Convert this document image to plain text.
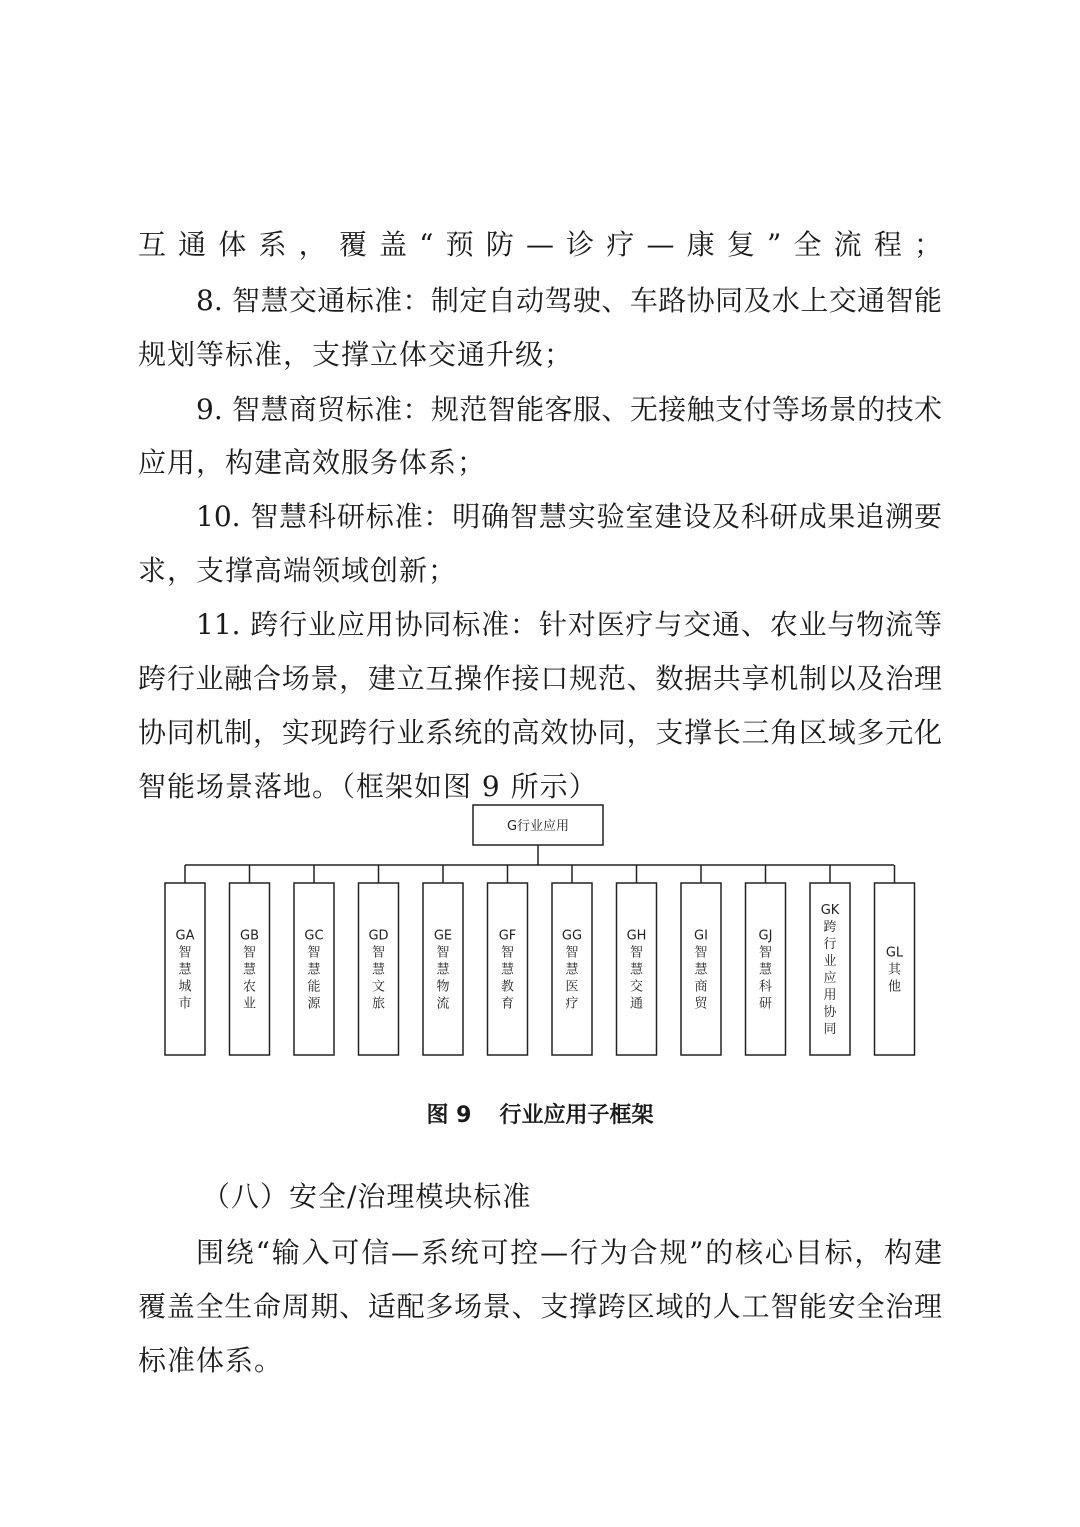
互通体系，覆盖“预防—诊疗—康复”全流程；

8. 智慧交通标准：制定自动驾驶、车路协同及水上交通智能

规划等标准，支撑立体交通升级；

9. 智慧商贸标准：规范智能客服、无接触支付等场景的技术

应用，构建高效服务体系；

10. 智慧科研标准：明确智慧实验室建设及科研成果追溯要

求，支撑高端领域创新；

11. 跨行业应用协同标准：针对医疗与交通、农业与物流等

跨行业融合场景，建立互操作接口规范、数据共享机制以及治理

协同机制，实现跨行业系统的高效协同，支撑长三角区域多元化

智能场景落地。（框架如图 9 所示）

G行业应用
GA 智慧城市
GB 智慧农业
GC 智慧能源
GD 智慧文旅
GE 智慧物流
GF 智慧教育
GG 智慧医疗
GH 智慧交通
GI 智慧商贸
GJ 智慧科研
GK 跨行业应用协同
GL 其他
图 9 行业应用子框架

（八）安全/治理模块标准

围绕“输入可信—系统可控—行为合规”的核心目标，构建

覆盖全生命周期、适配多场景、支撑跨区域的人工智能安全治理

标准体系。
